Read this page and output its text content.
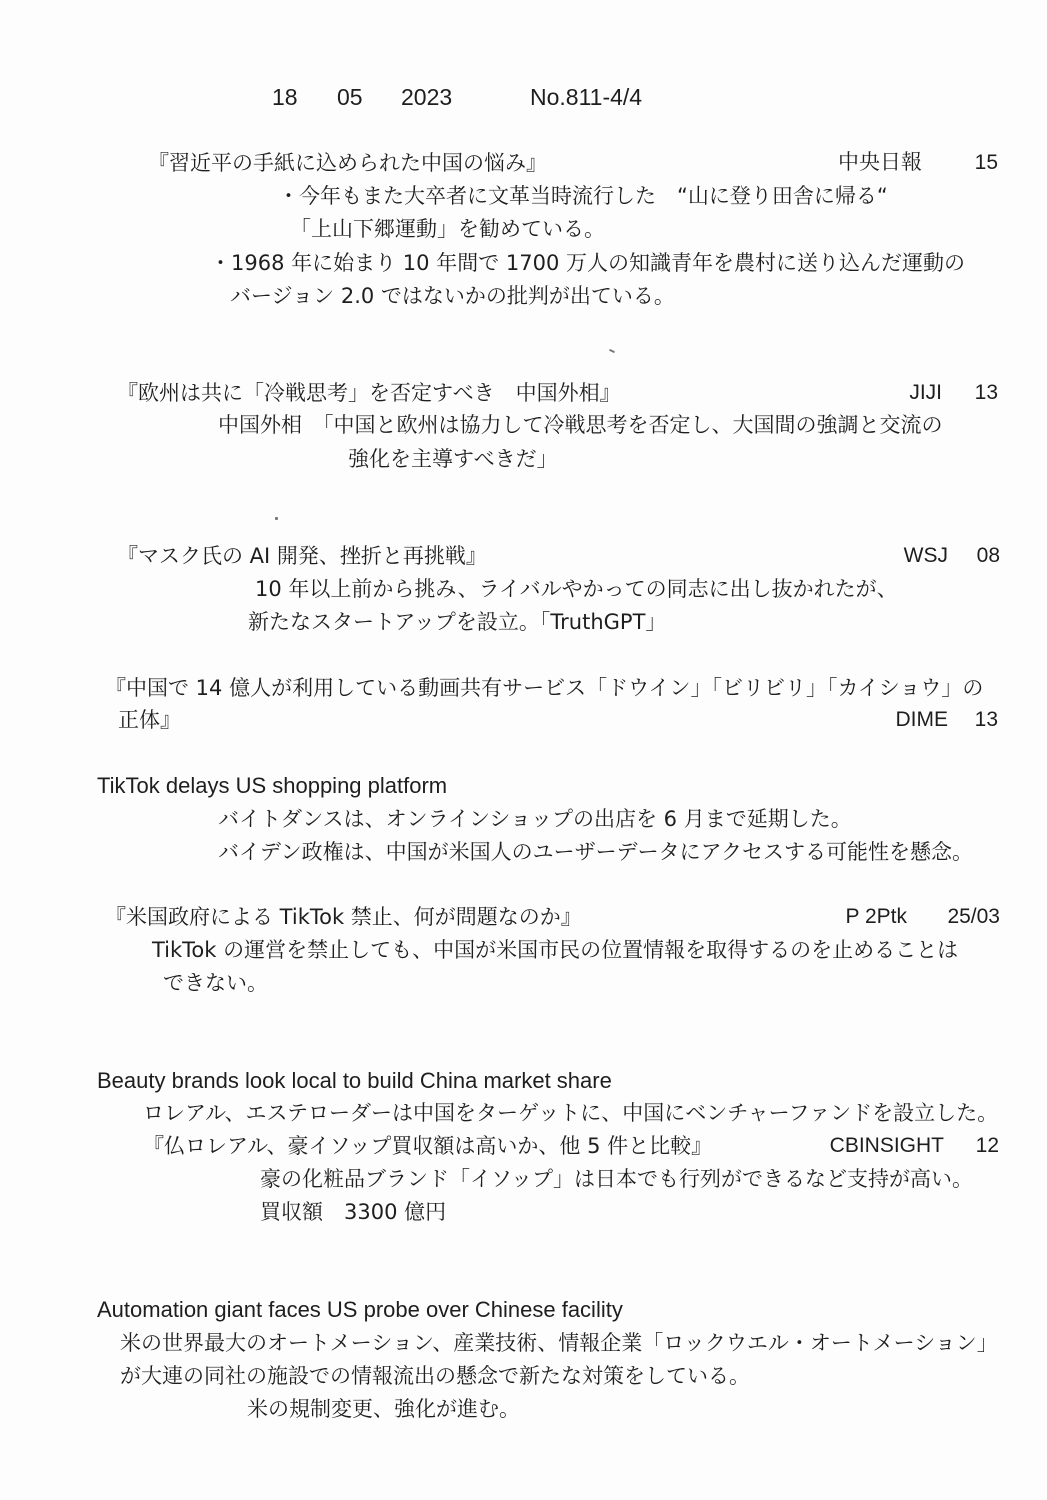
18 05 2023	No.811-4/4
『習近平の手紙に込められた中国の悩み』	中央日報	15
・今年もまた大卒者に文革当時流行した　“山に登り田舎に帰る“
「上山下郷運動」を勧めている。
・1968 年に始まり 10 年間で 1700 万人の知識青年を農村に送り込んだ運動の
バージョン 2.0 ではないかの批判が出ている。
『欧州は共に「冷戦思考」を否定すべき　中国外相』	JIJI 13
中国外相　「中国と欧州は協力して冷戦思考を否定し、大国間の強調と交流の
強化を主導すべきだ」
『マスク氏の AI 開発、挫折と再挑戦』	WSJ 08
10 年以上前から挑み、ライバルやかっての同志に出し抜かれたが、
新たなスタートアップを設立。「TruthGPT」
『中国で 14 億人が利用している動画共有サービス「ドウイン」「ビリビリ」「カイショウ」の
正体』	DIME 13
TikTok delays US shopping platform
バイトダンスは、オンラインショップの出店を 6 月まで延期した。
バイデン政権は、中国が米国人のユーザーデータにアクセスする可能性を懸念。
『米国政府による TikTok 禁止、何が問題なのか』	P 2Ptk 25/03
TikTok の運営を禁止しても、中国が米国市民の位置情報を取得するのを止めることは
できない。
Beauty brands look local to build China market share
ロレアル、エステローダーは中国をターゲットに、中国にベンチャーファンドを設立した。
『仏ロレアル、豪イソップ買収額は高いか、他 5 件と比較』	CBINSIGHT 12
豪の化粧品ブランド「イソップ」は日本でも行列ができるなど支持が高い。
買収額　3300 億円
Automation giant faces US probe over Chinese facility
米の世界最大のオートメーション、産業技術、情報企業「ロックウエル・オートメーション」
が大連の同社の施設での情報流出の懸念で新たな対策をしている。
米の規制変更、強化が進む。
